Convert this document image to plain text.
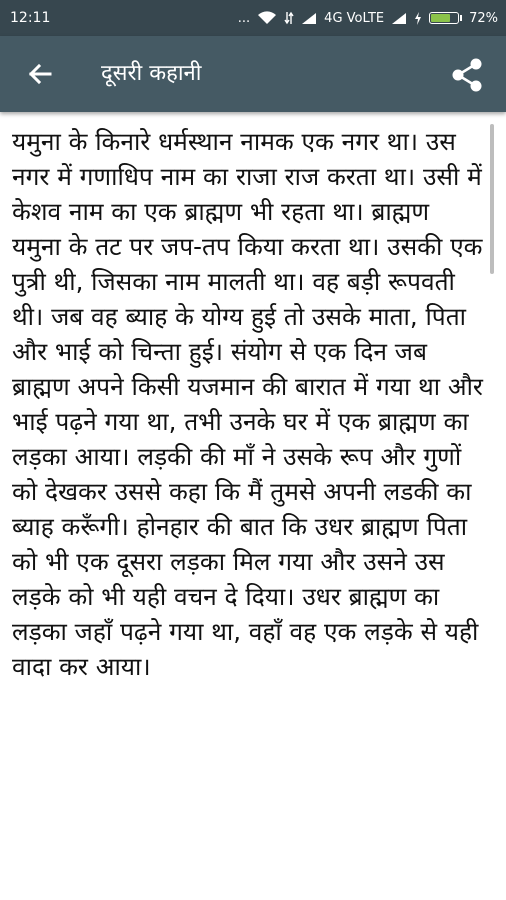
12:11	...	4G VoLTE	72%
दूसरी कहानी
यमुना के किनारे धर्मस्थान नामक एक नगर था। उस नगर में गणाधिप नाम का राजा राज करता था। उसी में केशव नाम का एक ब्राह्मण भी रहता था। ब्राह्मण यमुना के तट पर जप-तप किया करता था। उसकी एक पुत्री थी, जिसका नाम मालती था। वह बड़ी रूपवती थी। जब वह ब्याह के योग्य हुई तो उसके माता, पिता और भाई को चिन्ता हुई। संयोग से एक दिन जब ब्राह्मण अपने किसी यजमान की बारात में गया था और भाई पढ़ने गया था, तभी उनके घर में एक ब्राह्मण का लड़का आया। लड़की की माँ ने उसके रूप और गुणों को देखकर उससे कहा कि मैं तुमसे अपनी लडकी का ब्याह करूँगी। होनहार की बात कि उधर ब्राह्मण पिता को भी एक दूसरा लड़का मिल गया और उसने उस लड़के को भी यही वचन दे दिया। उधर ब्राह्मण का लड़का जहाँ पढ़ने गया था, वहाँ वह एक लड़के से यही वादा कर आया।
